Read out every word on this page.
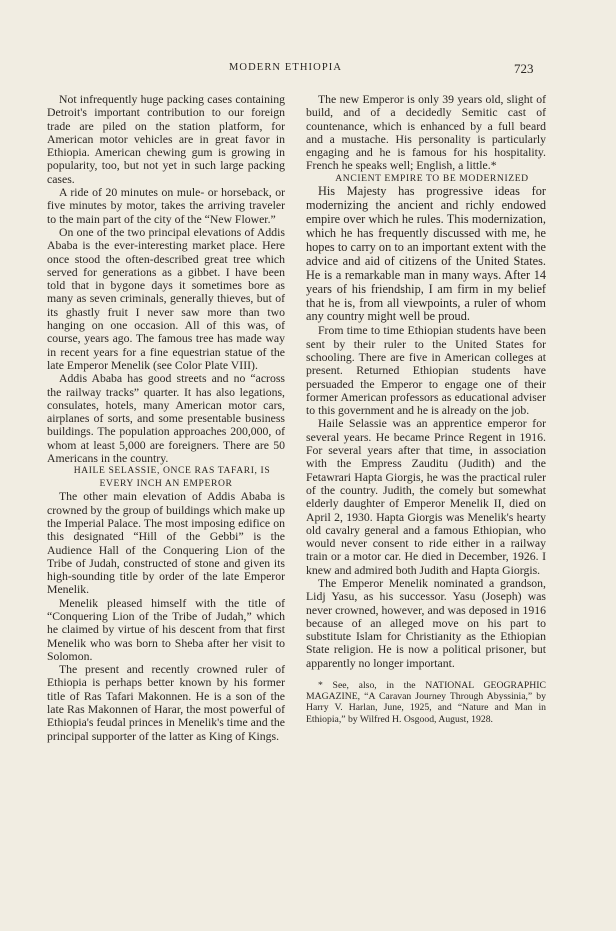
MODERN ETHIOPIA	723

Not infrequently huge packing cases containing Detroit's important contribution to our foreign trade are piled on the station platform, for American motor vehicles are in great favor in Ethiopia. American chewing gum is growing in popularity, too, but not yet in such large packing cases.

A ride of 20 minutes on mule- or horseback, or five minutes by motor, takes the arriving traveler to the main part of the city of the “New Flower.”

On one of the two principal elevations of Addis Ababa is the ever-interesting market place. Here once stood the often-described great tree which served for generations as a gibbet. I have been told that in bygone days it sometimes bore as many as seven criminals, generally thieves, but of its ghastly fruit I never saw more than two hanging on one occasion. All of this was, of course, years ago. The famous tree has made way in recent years for a fine equestrian statue of the late Emperor Menelik (see Color Plate VIII).

Addis Ababa has good streets and no “across the railway tracks” quarter. It has also legations, consulates, hotels, many American motor cars, airplanes of sorts, and some presentable business buildings. The population approaches 200,000, of whom at least 5,000 are foreigners. There are 50 Americans in the country.

HAILE SELASSIE, ONCE RAS TAFARI, IS EVERY INCH AN EMPEROR

The other main elevation of Addis Ababa is crowned by the group of buildings which make up the Imperial Palace. The most imposing edifice on this designated “Hill of the Gebbi” is the Audience Hall of the Conquering Lion of the Tribe of Judah, constructed of stone and given its high-sounding title by order of the late Emperor Menelik.

Menelik pleased himself with the title of “Conquering Lion of the Tribe of Judah,” which he claimed by virtue of his descent from that first Menelik who was born to Sheba after her visit to Solomon.

The present and recently crowned ruler of Ethiopia is perhaps better known by his former title of Ras Tafari Makonnen. He is a son of the late Ras Makonnen of Harar, the most powerful of Ethiopia's feudal princes in Menelik's time and the principal supporter of the latter as King of Kings.

The new Emperor is only 39 years old, slight of build, and of a decidedly Semitic cast of countenance, which is enhanced by a full beard and a mustache. His personality is particularly engaging and he is famous for his hospitality. French he speaks well; English, a little.*

ANCIENT EMPIRE TO BE MODERNIZED

His Majesty has progressive ideas for modernizing the ancient and richly endowed empire over which he rules. This modernization, which he has frequently discussed with me, he hopes to carry on to an important extent with the advice and aid of citizens of the United States. He is a remarkable man in many ways. After 14 years of his friendship, I am firm in my belief that he is, from all viewpoints, a ruler of whom any country might well be proud.

From time to time Ethiopian students have been sent by their ruler to the United States for schooling. There are five in American colleges at present. Returned Ethiopian students have persuaded the Emperor to engage one of their former American professors as educational adviser to this government and he is already on the job.

Haile Selassie was an apprentice emperor for several years. He became Prince Regent in 1916. For several years after that time, in association with the Empress Zauditu (Judith) and the Fetawrari Hapta Giorgis, he was the practical ruler of the country. Judith, the comely but somewhat elderly daughter of Emperor Menelik II, died on April 2, 1930. Hapta Giorgis was Menelik's hearty old cavalry general and a famous Ethiopian, who would never consent to ride either in a railway train or a motor car. He died in December, 1926. I knew and admired both Judith and Hapta Giorgis.

The Emperor Menelik nominated a grandson, Lidj Yasu, as his successor. Yasu (Joseph) was never crowned, however, and was deposed in 1916 because of an alleged move on his part to substitute Islam for Christianity as the Ethiopian State religion. He is now a political prisoner, but apparently no longer important.

* See, also, in the NATIONAL GEOGRAPHIC MAGAZINE, “A Caravan Journey Through Abyssinia,” by Harry V. Harlan, June, 1925, and “Nature and Man in Ethiopia,” by Wilfred H. Osgood, August, 1928.
